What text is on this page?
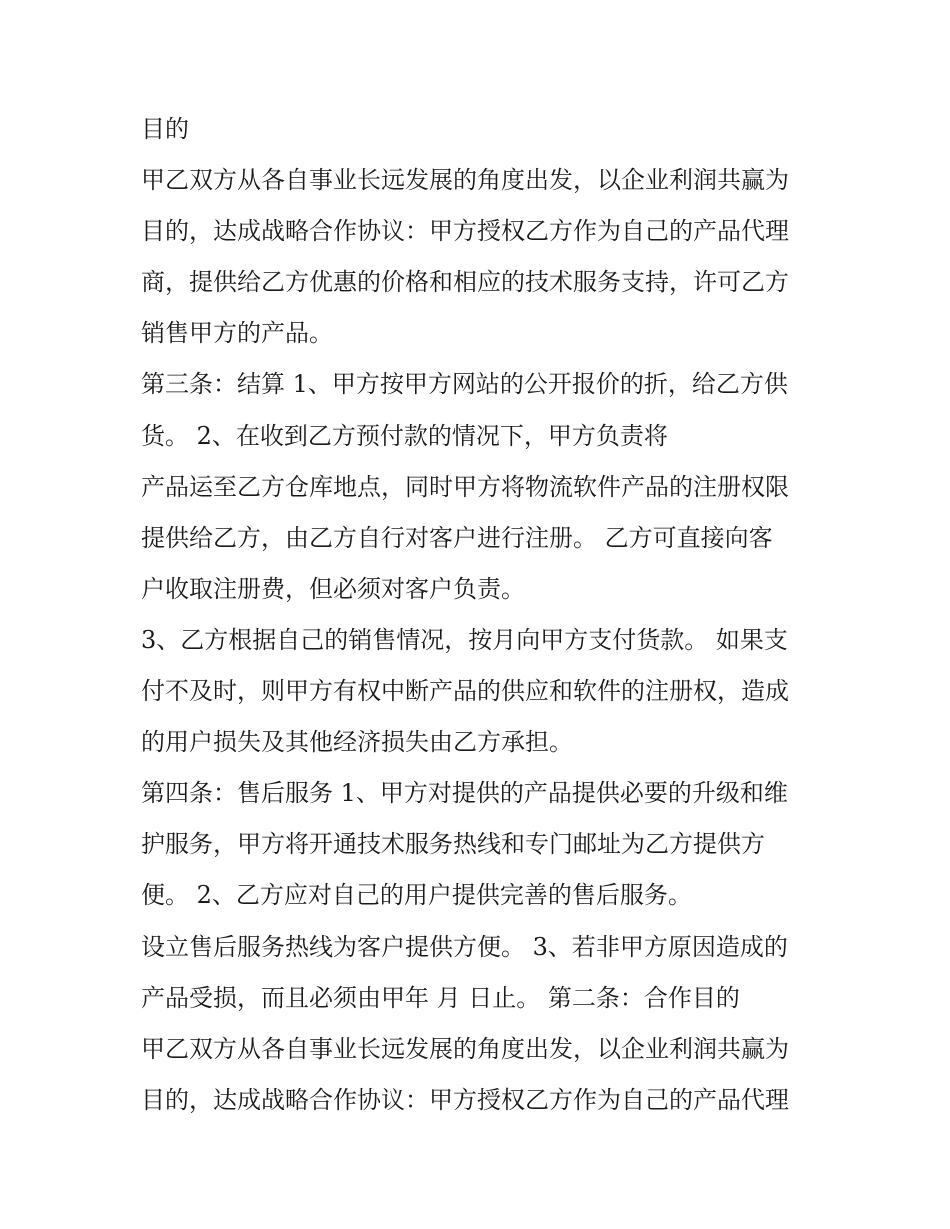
目的
甲乙双方从各自事业长远发展的角度出发，以企业利润共赢为
目的，达成战略合作协议：甲方授权乙方作为自己的产品代理
商，提供给乙方优惠的价格和相应的技术服务支持，许可乙方
销售甲方的产品。
第三条：结算 1、甲方按甲方网站的公开报价的折，给乙方供
货。 2、在收到乙方预付款的情况下，甲方负责将
产品运至乙方仓库地点，同时甲方将物流软件产品的注册权限
提供给乙方，由乙方自行对客户进行注册。 乙方可直接向客
户收取注册费，但必须对客户负责。
3、乙方根据自己的销售情况，按月向甲方支付货款。 如果支
付不及时，则甲方有权中断产品的供应和软件的注册权，造成
的用户损失及其他经济损失由乙方承担。
第四条：售后服务 1、甲方对提供的产品提供必要的升级和维
护服务，甲方将开通技术服务热线和专门邮址为乙方提供方
便。 2、乙方应对自己的用户提供完善的售后服务。
设立售后服务热线为客户提供方便。 3、若非甲方原因造成的
产品受损，而且必须由甲年 月 日止。 第二条：合作目的
甲乙双方从各自事业长远发展的角度出发，以企业利润共赢为
目的，达成战略合作协议：甲方授权乙方作为自己的产品代理
